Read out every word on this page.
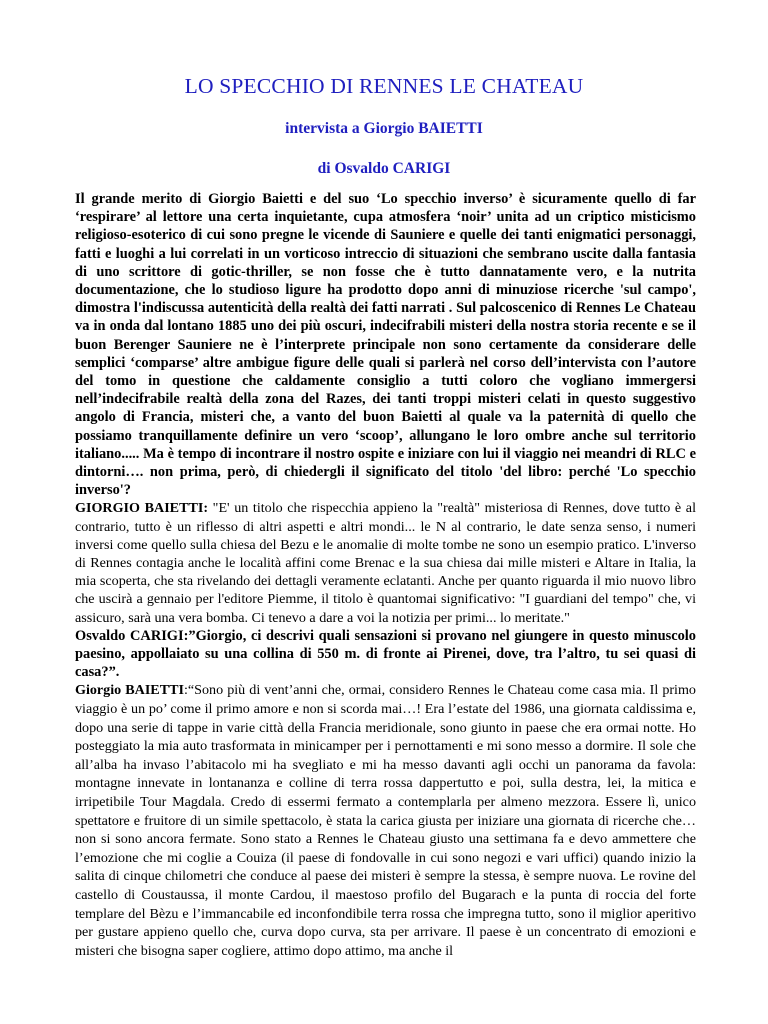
LO SPECCHIO DI RENNES LE CHATEAU
intervista a Giorgio BAIETTI
di Osvaldo CARIGI

Il grande merito di Giorgio Baietti e del suo ‘Lo specchio inverso’ è sicuramente quello di far ‘respirare’ al lettore una certa inquietante, cupa atmosfera ‘noir’ unita ad un criptico misticismo religioso-esoterico di cui sono pregne le vicende di Sauniere e quelle dei tanti enigmatici personaggi, fatti e luoghi a lui correlati in un vorticoso intreccio di situazioni che sembrano uscite dalla fantasia di uno scrittore di gotic-thriller, se non fosse che è tutto dannatamente vero, e la nutrita documentazione, che lo studioso ligure ha prodotto dopo anni di minuziose ricerche 'sul campo', dimostra l'indiscussa autenticità della realtà dei fatti narrati . Sul palcoscenico di Rennes Le Chateau va in onda dal lontano 1885 uno dei più oscuri, indecifrabili misteri della nostra storia recente e se il buon Berenger Sauniere ne è l’interprete principale non sono certamente da considerare delle semplici ‘comparse’ altre ambigue figure delle quali si parlerà nel corso dell’intervista con l’autore del tomo in questione che caldamente consiglio a tutti coloro che vogliano immergersi nell’indecifrabile realtà della zona del Razes, dei tanti troppi misteri celati in questo suggestivo angolo di Francia, misteri che, a vanto del buon Baietti al quale va la paternità di quello che possiamo tranquillamente definire un vero ‘scoop’, allungano le loro ombre anche sul territorio italiano..... Ma è tempo di incontrare il nostro ospite e iniziare con lui il viaggio nei meandri di RLC e dintorni…. non prima, però, di chiedergli il significato del titolo 'del libro: perché 'Lo specchio inverso'?

GIORGIO BAIETTI: "E' un titolo che rispecchia appieno la "realtà" misteriosa di Rennes, dove tutto è al contrario, tutto è un riflesso di altri aspetti e altri mondi... le N al contrario, le date senza senso, i numeri inversi come quello sulla chiesa del Bezu e le anomalie di molte tombe ne sono un esempio pratico. L'inverso di Rennes contagia anche le località affini come Brenac e la sua chiesa dai mille misteri e Altare in Italia, la mia scoperta, che sta rivelando dei dettagli veramente eclatanti. Anche per quanto riguarda il mio nuovo libro che uscirà a gennaio per l'editore Piemme, il titolo è quantomai significativo: "I guardiani del tempo" che, vi assicuro, sarà una vera bomba. Ci tenevo a dare a voi la notizia per primi... lo meritate."

Osvaldo CARIGI:”Giorgio, ci descrivi quali sensazioni si provano nel giungere in questo minuscolo paesino, appollaiato su una collina di 550 m. di fronte ai Pirenei, dove, tra l’altro, tu sei quasi di casa?”.

Giorgio BAIETTI:“Sono più di vent’anni che, ormai, considero Rennes le Chateau come casa mia. Il primo viaggio è un po’ come il primo amore e non si scorda mai…! Era l’estate del 1986, una giornata caldissima e, dopo una serie di tappe in varie città della Francia meridionale, sono giunto in paese che era ormai notte. Ho posteggiato la mia auto trasformata in minicamper per i pernottamenti e mi sono messo a dormire. Il sole che all’alba ha invaso l’abitacolo mi ha svegliato e mi ha messo davanti agli occhi un panorama da favola: montagne innevate in lontananza e colline di terra rossa dappertutto e poi, sulla destra, lei, la mitica e irripetibile Tour Magdala. Credo di essermi fermato a contemplarla per almeno mezzora. Essere lì, unico spettatore e fruitore di un simile spettacolo, è stata la carica giusta per iniziare una giornata di ricerche che… non si sono ancora fermate. Sono stato a Rennes le Chateau giusto una settimana fa e devo ammettere che l’emozione che mi coglie a Couiza (il paese di fondovalle in cui sono negozi e vari uffici) quando inizio la salita di cinque chilometri che conduce al paese dei misteri è sempre la stessa, è sempre nuova. Le rovine del castello di Coustaussa, il monte Cardou, il maestoso profilo del Bugarach e la punta di roccia del forte templare del Bèzu e l’immancabile ed inconfondibile terra rossa che impregna tutto, sono il miglior aperitivo per gustare appieno quello che, curva dopo curva, sta per arrivare. Il paese è un concentrato di emozioni e misteri che bisogna saper cogliere, attimo dopo attimo, ma anche il
